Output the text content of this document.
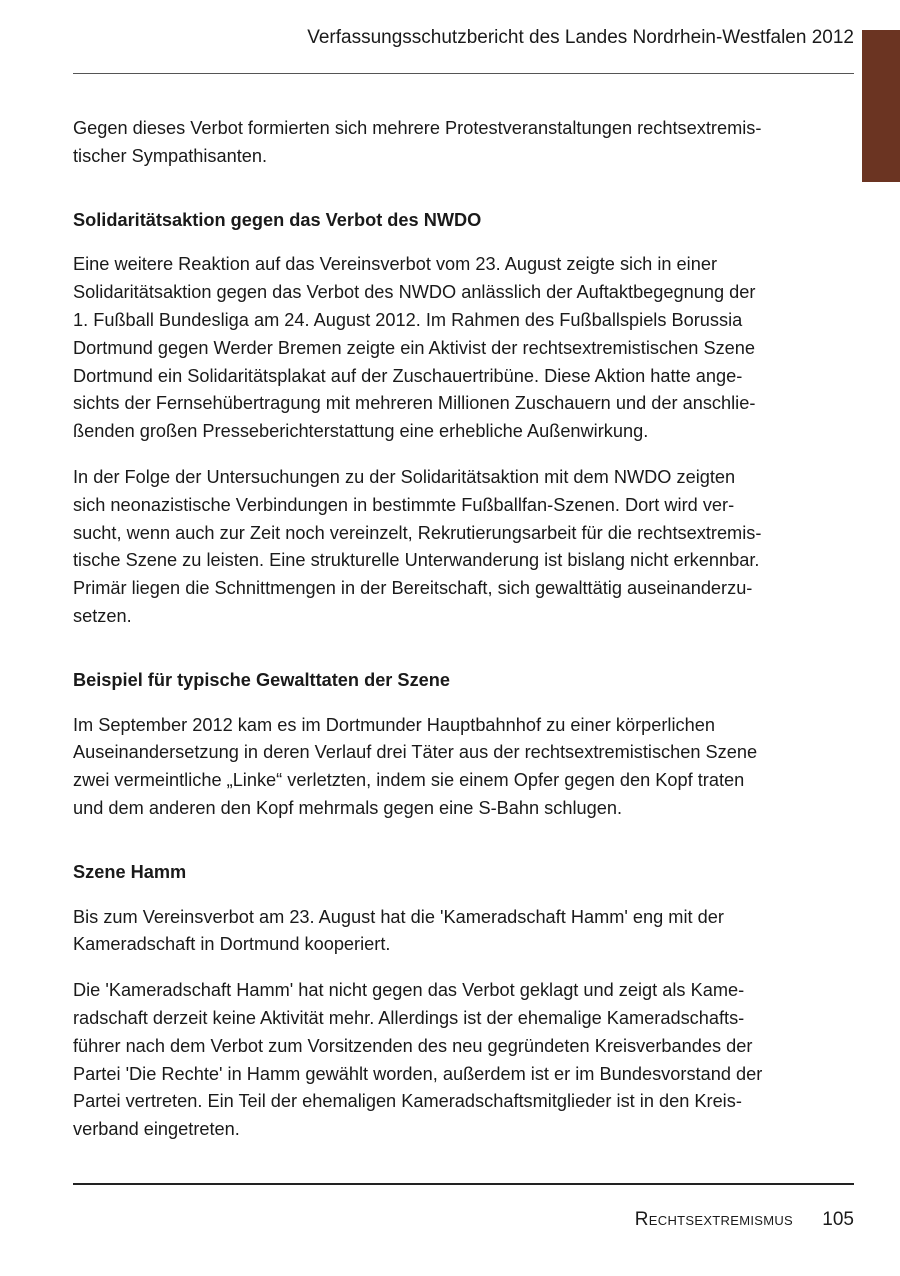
Verfassungsschutzbericht des Landes Nordrhein-Westfalen 2012

Gegen dieses Verbot formierten sich mehrere Protestveranstaltungen rechtsextremis-

tischer Sympathisanten.

Solidaritätsaktion gegen das Verbot des NWDO

Eine weitere Reaktion auf das Vereinsverbot vom 23. August zeigte sich in einer

Solidaritätsaktion gegen das Verbot des NWDO anlässlich der Auftaktbegegnung der

1. Fußball Bundesliga am 24. August 2012. Im Rahmen des Fußballspiels Borussia

Dortmund gegen Werder Bremen zeigte ein Aktivist der rechtsextremistischen Szene

Dortmund ein Solidaritätsplakat auf der Zuschauertribüne. Diese Aktion hatte ange-

sichts der Fernsehübertragung mit mehreren Millionen Zuschauern und der anschlie-

ßenden großen Presseberichterstattung eine erhebliche Außenwirkung.

In der Folge der Untersuchungen zu der Solidaritätsaktion mit dem NWDO zeigten

sich neonazistische Verbindungen in bestimmte Fußballfan-Szenen. Dort wird ver-

sucht, wenn auch zur Zeit noch vereinzelt, Rekrutierungsarbeit für die rechtsextremis-

tische Szene zu leisten. Eine strukturelle Unterwanderung ist bislang nicht erkennbar.

Primär liegen die Schnittmengen in der Bereitschaft, sich gewalttätig auseinanderzu-

setzen.

Beispiel für typische Gewalttaten der Szene

Im September 2012 kam es im Dortmunder Hauptbahnhof zu einer körperlichen

Auseinandersetzung in deren Verlauf drei Täter aus der rechtsextremistischen Szene

zwei vermeintliche „Linke“ verletzten, indem sie einem Opfer gegen den Kopf traten

und dem anderen den Kopf mehrmals gegen eine S-Bahn schlugen.

Szene Hamm

Bis zum Vereinsverbot am 23. August hat die 'Kameradschaft Hamm' eng mit der

Kameradschaft in Dortmund kooperiert.

Die 'Kameradschaft Hamm' hat nicht gegen das Verbot geklagt und zeigt als Kame-

radschaft derzeit keine Aktivität mehr. Allerdings ist der ehemalige Kameradschafts-

führer nach dem Verbot zum Vorsitzenden des neu gegründeten Kreisverbandes der

Partei 'Die Rechte' in Hamm gewählt worden, außerdem ist er im Bundesvorstand der

Partei vertreten. Ein Teil der ehemaligen Kameradschaftsmitglieder ist in den Kreis-

verband eingetreten.

Rechtsextremismus 105
